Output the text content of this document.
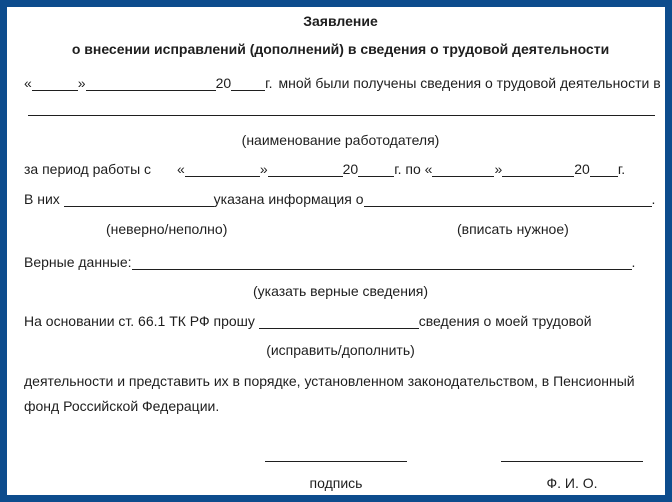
Заявление
о внесении исправлений (дополнений) в сведения о трудовой деятельности
«	»	20 г. мной были получены сведения о трудовой деятельности в
(наименование работодателя)
за период работы с «	»	20	г. по «	»	20 г.
В них	указана информация о	.
(неверно/неполно)	(вписать нужное)
Верные данные:	.
(указать верные сведения)
На основании ст. 66.1 ТК РФ прошу	сведения о моей трудовой
(исправить/дополнить)

деятельности и представить их в порядке, установленном законодательством, в Пенсионный фонд Российской Федерации.

подпись	Ф. И. О.
